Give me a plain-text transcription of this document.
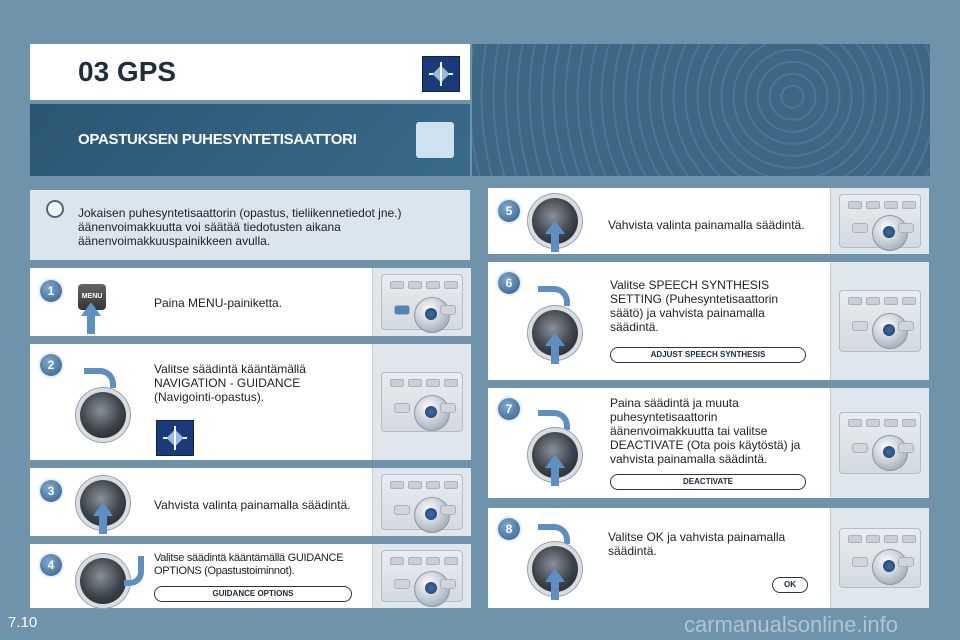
03 GPS
OPASTUKSEN PUHESYNTETISAATTORI
Jokaisen puhesyntetisaattorin (opastus, tieliikennetiedot jne.) äänenvoimakkuutta voi säätää tiedotusten aikana äänenvoimakkuuspainikkeen avulla.
1	MENU	Paina MENU-painiketta.
2	Valitse säädintä kääntämällä NAVIGATION - GUIDANCE (Navigointi-opastus).
3
Vahvista valinta painamalla säädintä.
4	Valitse säädintä kääntämällä GUIDANCE OPTIONS (Opastustoiminnot).
GUIDANCE OPTIONS
5
Vahvista valinta painamalla säädintä.
6	Valitse SPEECH SYNTHESIS SETTING (Puhesyntetisaattorin säätö) ja vahvista painamalla säädintä.
ADJUST SPEECH SYNTHESIS
7	Paina säädintä ja muuta puhesyntetisaattorin äänenvoimakkuutta tai valitse DEACTIVATE (Ota pois käytöstä) ja vahvista painamalla säädintä.
DEACTIVATE
8
Valitse OK ja vahvista painamalla säädintä.
OK
7.10	carmanualsonline.info
